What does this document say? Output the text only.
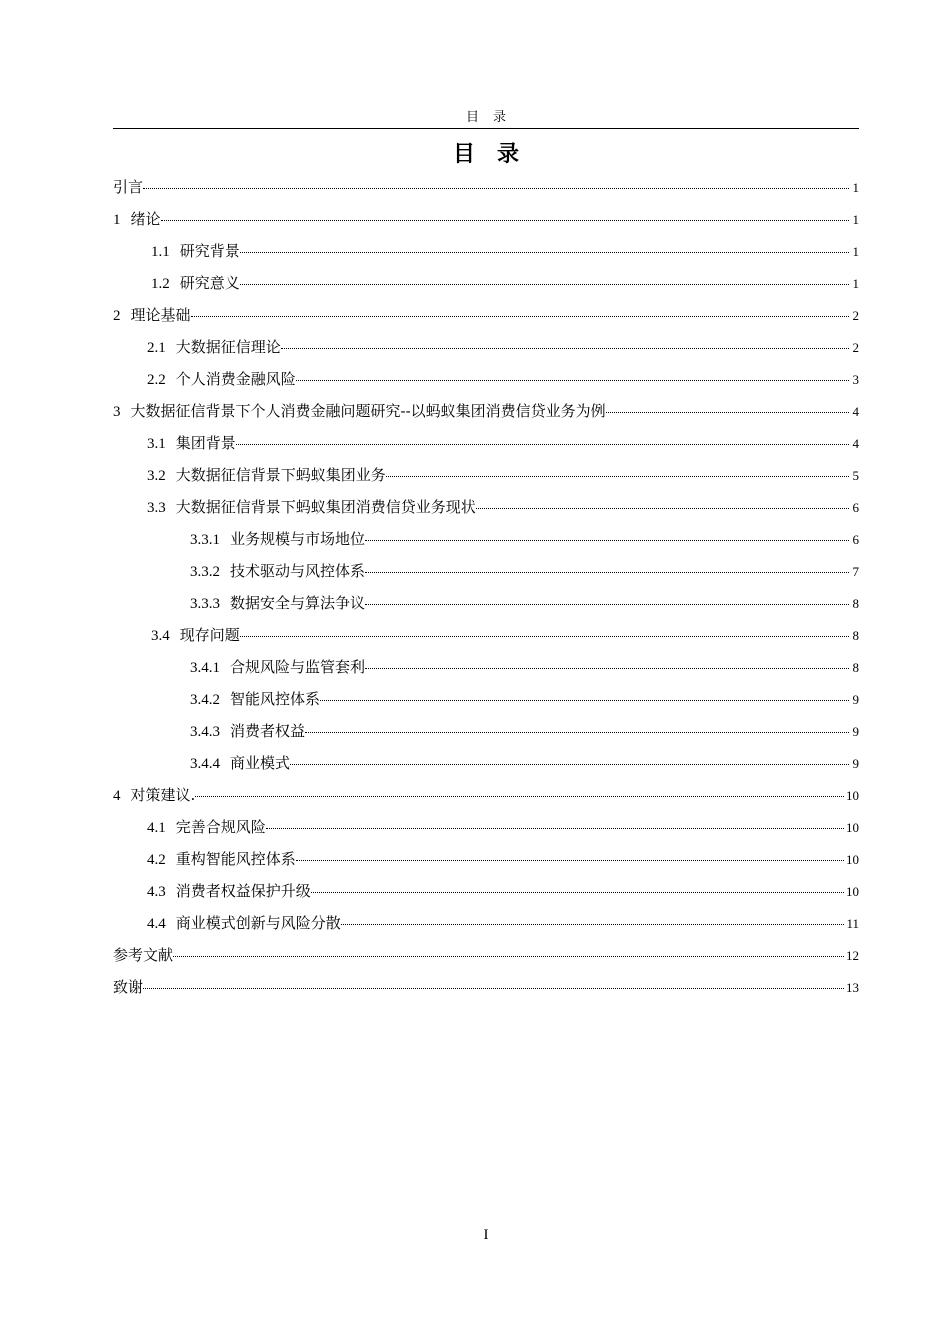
目录
目录
引言	1
1 绪论	1
1.1 研究背景	1
1.2 研究意义	1
2 理论基础	2
2.1 大数据征信理论	2
2.2 个人消费金融风险	3
3 大数据征信背景下个人消费金融问题研究--以蚂蚁集团消费信贷业务为例	4
3.1 集团背景	4
3.2 大数据征信背景下蚂蚁集团业务	5
3.3 大数据征信背景下蚂蚁集团消费信贷业务现状	6
3.3.1 业务规模与市场地位	6
3.3.2 技术驱动与风控体系	7
3.3.3 数据安全与算法争议	8
3.4 现存问题	8
3.4.1 合规风险与监管套利	8
3.4.2 智能风控体系	9
3.4.3 消费者权益	9
3.4.4 商业模式	9
4 对策建议.	10
4.1 完善合规风险	10
4.2 重构智能风控体系	10
4.3 消费者权益保护升级	10
4.4 商业模式创新与风险分散	11
参考文献	12
致谢	13
I
